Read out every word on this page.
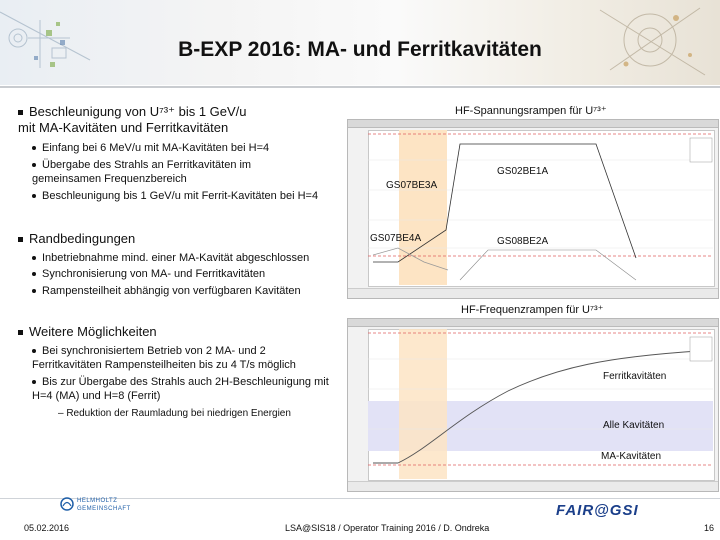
B-EXP 2016: MA- und Ferritkavitäten
Beschleunigung von U⁷³⁺ bis 1 GeV/u mit MA-Kavitäten und Ferritkavitäten
Einfang bei 6 MeV/u mit MA-Kavitäten bei H=4
Übergabe des Strahls an Ferritkavitäten im gemeinsamen Frequenzbereich
Beschleunigung bis 1 GeV/u mit Ferrit-Kavitäten bei H=4
Randbedingungen
Inbetriebnahme mind. einer MA-Kavität abgeschlossen
Synchronisierung von MA- und Ferritkavitäten
Rampensteilheit abhängig von verfügbaren Kavitäten
Weitere Möglichkeiten
Bei synchronisiertem Betrieb von 2 MA- und 2 Ferritkavitäten Rampensteilheiten bis zu 4 T/s möglich
Bis zur Übergabe des Strahls auch 2H-Beschleunigung mit H=4 (MA) und H=8 (Ferrit)
– Reduktion der Raumladung bei niedrigen Energien
HF-Spannungsrampen für U⁷³⁺
GS02BE1A
GS07BE3A
GS07BE4A	GS08BE2A
HF-Frequenzrampen für U⁷³⁺
Ferritkavitäten
Alle Kavitäten
MA-Kavitäten
HELMHOLTZ
GEMEINSCHAFT
05.02.2016	LSA@SIS18 / Operator Training 2016 / D. Ondreka
FAIR@GSI
16
